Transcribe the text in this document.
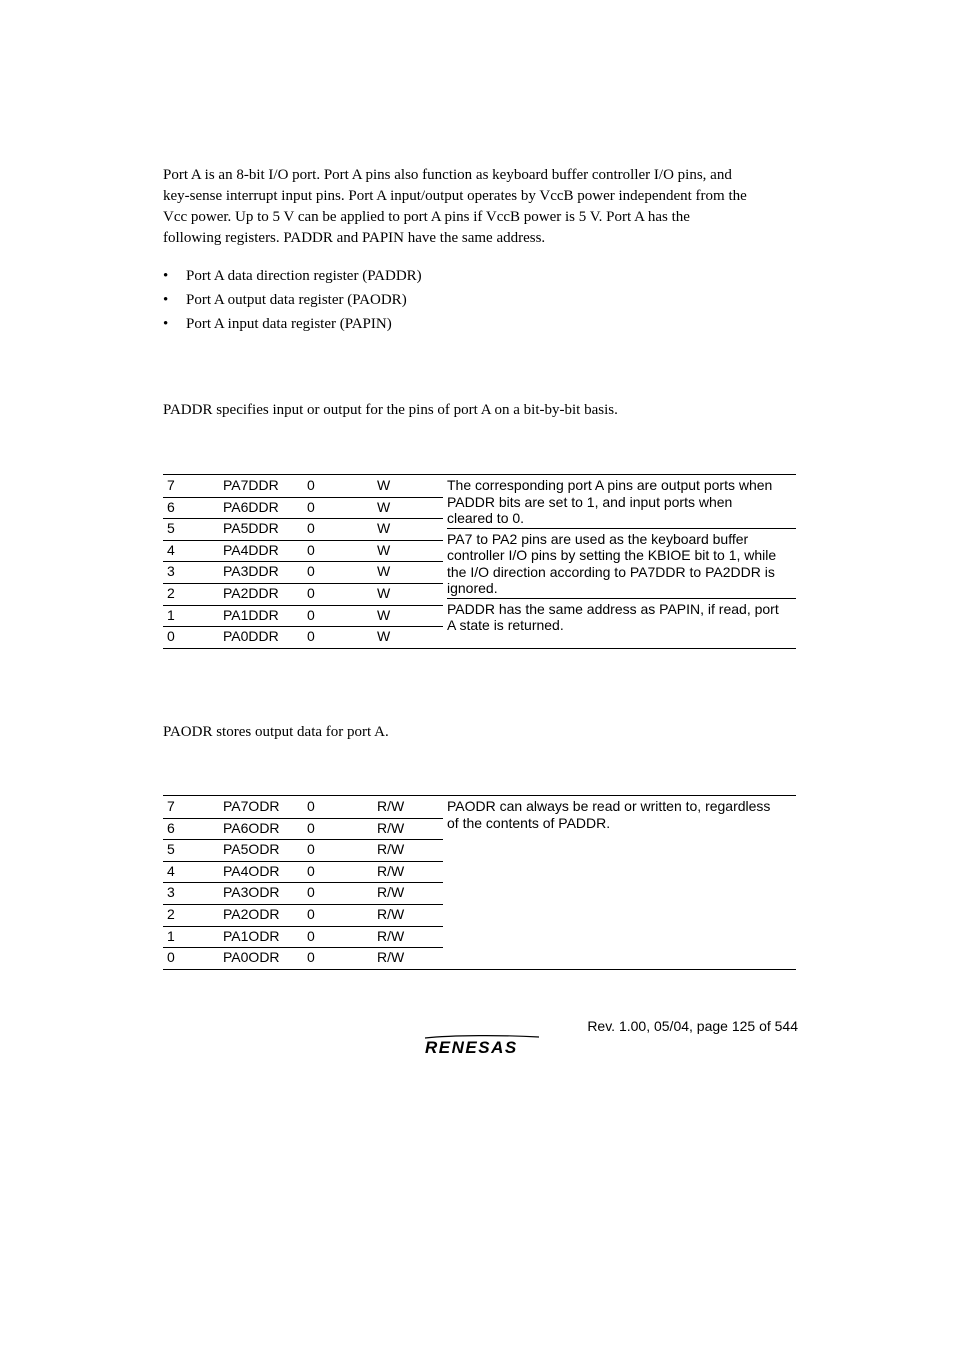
Port A is an 8-bit I/O port. Port A pins also function as keyboard buffer controller I/O pins, and

key-sense interrupt input pins. Port A input/output operates by VccB power independent from the

Vcc power. Up to 5 V can be applied to port A pins if VccB power is 5 V. Port A has the

following registers. PADDR and PAPIN have the same address.

• Port A data direction register (PADDR)
• Port A output data register (PAODR)
• Port A input data register (PAPIN)

PADDR specifies input or output for the pins of port A on a bit-by-bit basis.

7	PA7DDR 0	W
6	PA6DDR 0	W
5	PA5DDR 0	W
4	PA4DDR 0	W
3	PA3DDR 0	W
2	PA2DDR 0	W
1	PA1DDR 0	W
0	PA0DDR 0	W
The corresponding port A pins are output ports when
PADDR bits are set to 1, and input ports when
cleared to 0.
PA7 to PA2 pins are used as the keyboard buffer
controller I/O pins by setting the KBIOE bit to 1, while
the I/O direction according to PA7DDR to PA2DDR is
ignored.
PADDR has the same address as PAPIN, if read, port
A state is returned.

PAODR stores output data for port A.

7	PA7ODR 0	R/W
6	PA6ODR 0	R/W
5	PA5ODR 0	R/W
4	PA4ODR 0	R/W
3	PA3ODR 0	R/W
2	PA2ODR 0	R/W
1	PA1ODR 0	R/W
0	PA0ODR 0	R/W
PAODR can always be read or written to, regardless
of the contents of PADDR.
Rev. 1.00, 05/04, page 125 of 544
RENESAS
